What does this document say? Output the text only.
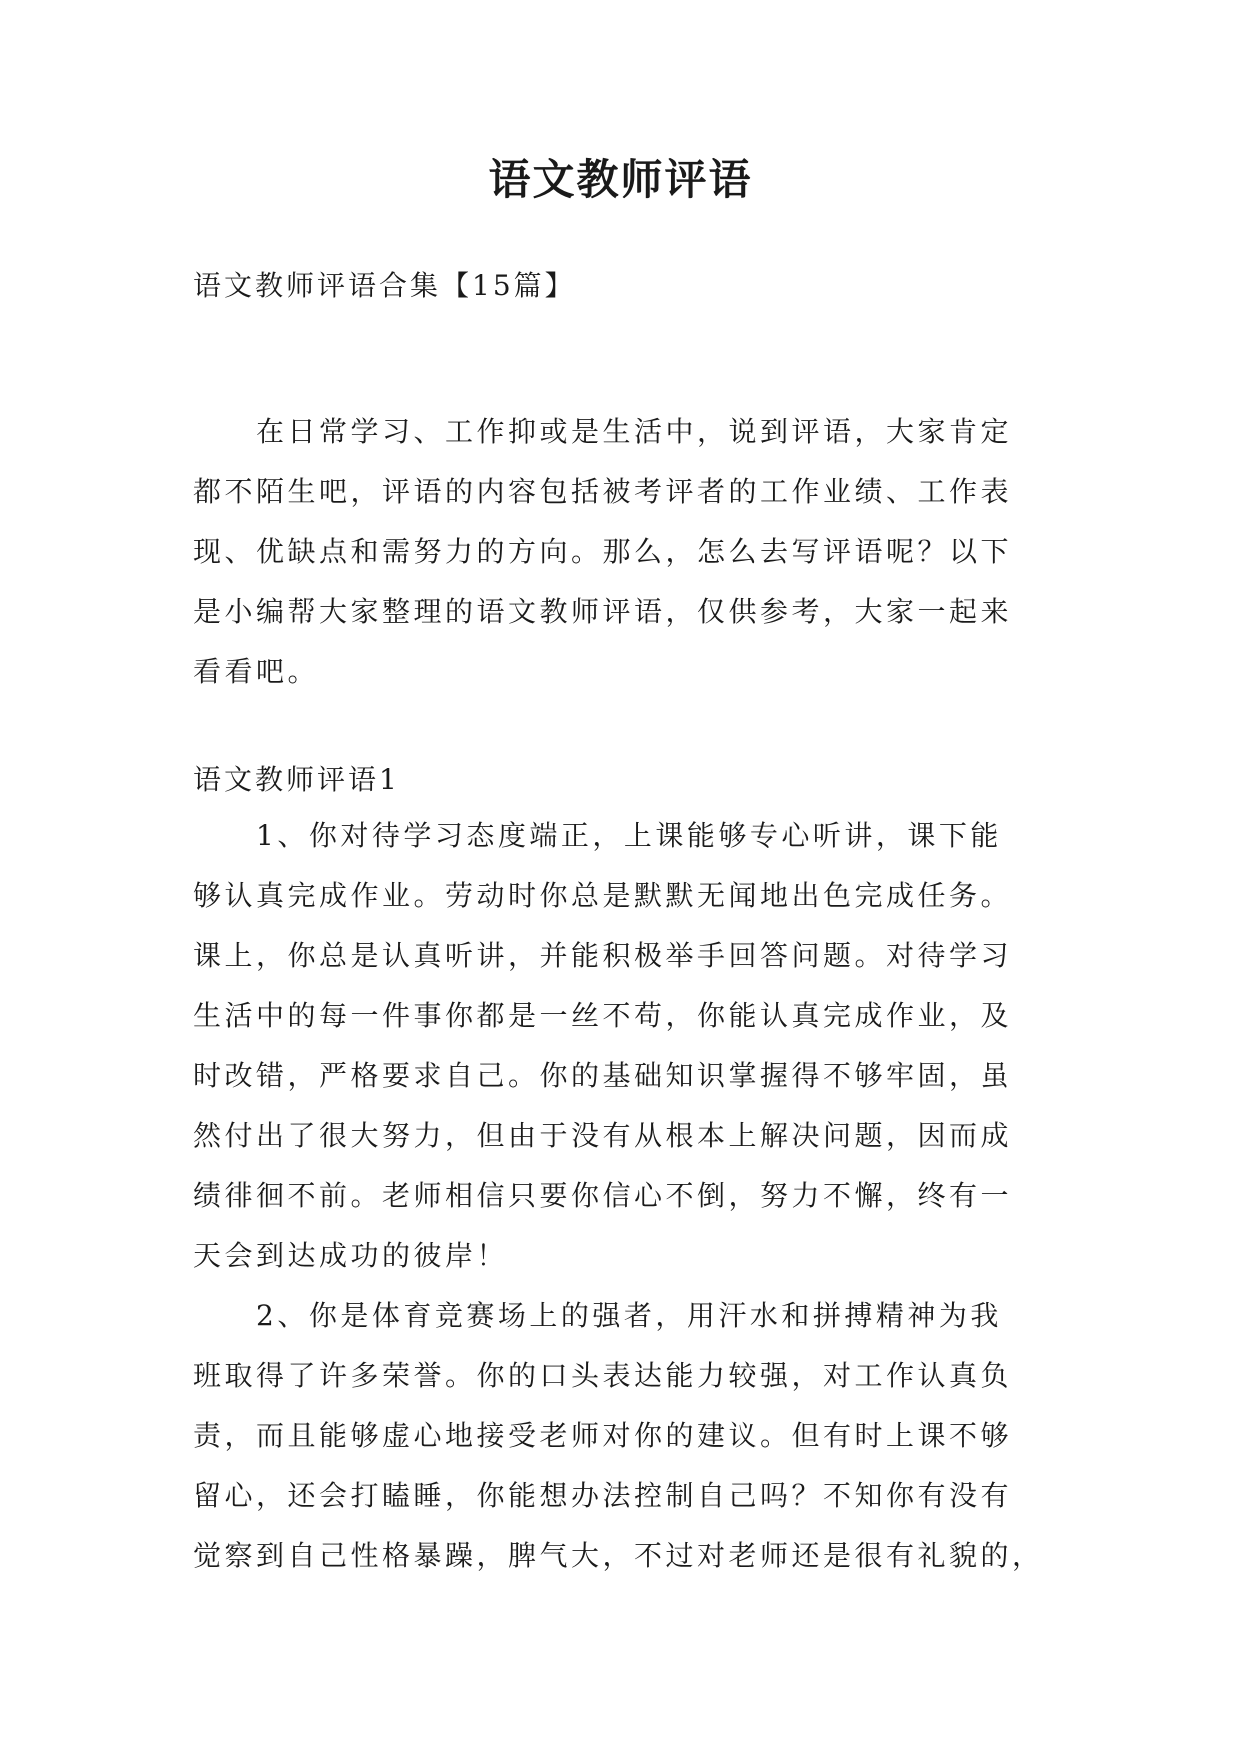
语文教师评语
语文教师评语合集【15篇】
　　在日常学习、工作抑或是生活中，说到评语，大家肯定
都不陌生吧，评语的内容包括被考评者的工作业绩、工作表
现、优缺点和需努力的方向。那么，怎么去写评语呢？以下
是小编帮大家整理的语文教师评语，仅供参考，大家一起来
看看吧。
语文教师评语1
　　1、你对待学习态度端正，上课能够专心听讲，课下能
够认真完成作业。劳动时你总是默默无闻地出色完成任务。
课上，你总是认真听讲，并能积极举手回答问题。对待学习
生活中的每一件事你都是一丝不苟，你能认真完成作业，及
时改错，严格要求自己。你的基础知识掌握得不够牢固，虽
然付出了很大努力，但由于没有从根本上解决问题，因而成
绩徘徊不前。老师相信只要你信心不倒，努力不懈，终有一
天会到达成功的彼岸！
　　2、你是体育竞赛场上的强者，用汗水和拼搏精神为我
班取得了许多荣誉。你的口头表达能力较强，对工作认真负
责，而且能够虚心地接受老师对你的建议。但有时上课不够
留心，还会打瞌睡，你能想办法控制自己吗？不知你有没有
觉察到自己性格暴躁，脾气大，不过对老师还是很有礼貌的，
